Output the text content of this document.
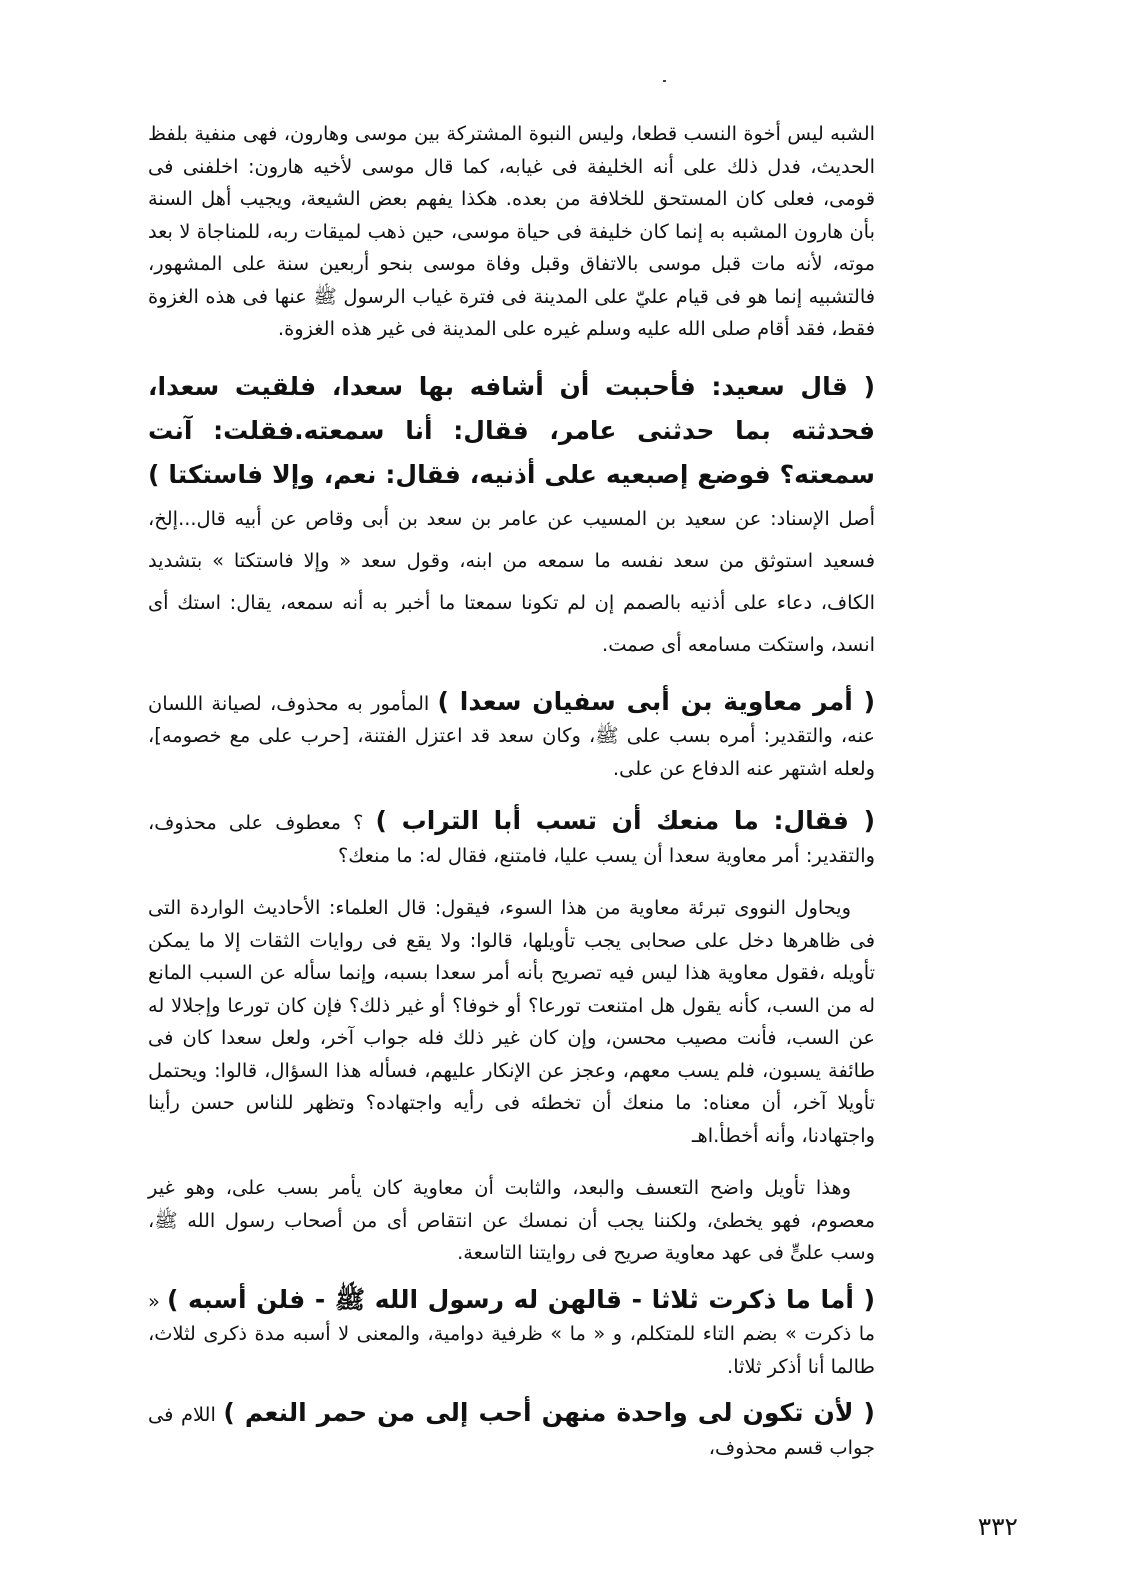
الشبه ليس أخوة النسب قطعا، وليس النبوة المشتركة بين موسى وهارون، فهى منفية بلفظ الحديث، فدل ذلك على أنه الخليفة فى غيابه، كما قال موسى لأخيه هارون: اخلفنى فى قومى، فعلى كان المستحق للخلافة من بعده. هكذا يفهم بعض الشيعة، ويجيب أهل السنة بأن هارون المشبه به إنما كان خليفة فى حياة موسى، حين ذهب لميقات ربه، للمناجاة لا بعد موته، لأنه مات قبل موسى بالاتفاق وقبل وفاة موسى بنحو أربعين سنة على المشهور، فالتشبيه إنما هو فى قيام عليّ على المدينة فى فترة غياب الرسول ﷺ عنها فى هذه الغزوة فقط، فقد أقام صلى الله عليه وسلم غيره على المدينة فى غير هذه الغزوة.

( قال سعيد: فأحببت أن أشافه بها سعدا، فلقيت سعدا، فحدثته بما حدثنى عامر، فقال: أنا سمعته.فقلت: آنت سمعته؟ فوضع إصبعيه على أذنيه، فقال: نعم، وإلا فاستكتا ) أصل الإسناد: عن سعيد بن المسيب عن عامر بن سعد بن أبى وقاص عن أبيه قال...إلخ، فسعيد استوثق من سعد نفسه ما سمعه من ابنه، وقول سعد « وإلا فاستكتا » بتشديد الكاف، دعاء على أذنيه بالصمم إن لم تكونا سمعتا ما أخبر به أنه سمعه، يقال: استك أى انسد، واستكت مسامعه أى صمت.

( أمر معاوية بن أبى سفيان سعدا ) المأمور به محذوف، لصيانة اللسان عنه، والتقدير: أمره بسب على ﷺ، وكان سعد قد اعتزل الفتنة، [حرب على مع خصومه]، ولعله اشتهر عنه الدفاع عن على.

( فقال: ما منعك أن تسب أبا التراب ) ؟ معطوف على محذوف، والتقدير: أمر معاوية سعدا أن يسب عليا، فامتنع، فقال له: ما منعك؟

ويحاول النووى تبرئة معاوية من هذا السوء، فيقول: قال العلماء: الأحاديث الواردة التى فى ظاهرها دخل على صحابى يجب تأويلها، قالوا: ولا يقع فى روايات الثقات إلا ما يمكن تأويله ،فقول معاوية هذا ليس فيه تصريح بأنه أمر سعدا بسبه، وإنما سأله عن السبب المانع له من السب، كأنه يقول هل امتنعت تورعا؟ أو خوفا؟ أو غير ذلك؟ فإن كان تورعا وإجلالا له عن السب، فأنت مصيب محسن، وإن كان غير ذلك فله جواب آخر، ولعل سعدا كان فى طائفة يسبون، فلم يسب معهم، وعجز عن الإنكار عليهم، فسأله هذا السؤال، قالوا: ويحتمل تأويلا آخر، أن معناه: ما منعك أن تخطئه فى رأيه واجتهاده؟ وتظهر للناس حسن رأينا واجتهادنا، وأنه أخطأ.اهـ

وهذا تأويل واضح التعسف والبعد، والثابت أن معاوية كان يأمر بسب على، وهو غير معصوم، فهو يخطئ، ولكننا يجب أن نمسك عن انتقاص أى من أصحاب رسول الله ﷺ، وسب علىٍّ فى عهد معاوية صريح فى روايتنا التاسعة.

( أما ما ذكرت ثلاثا - قالهن له رسول الله ﷺ - فلن أسبه ) « ما ذكرت » بضم التاء للمتكلم، و « ما » ظرفية دوامية، والمعنى لا أسبه مدة ذكرى لثلاث، طالما أنا أذكر ثلاثا.

( لأن تكون لى واحدة منهن أحب إلى من حمر النعم ) اللام فى جواب قسم محذوف،

٣٣٢
